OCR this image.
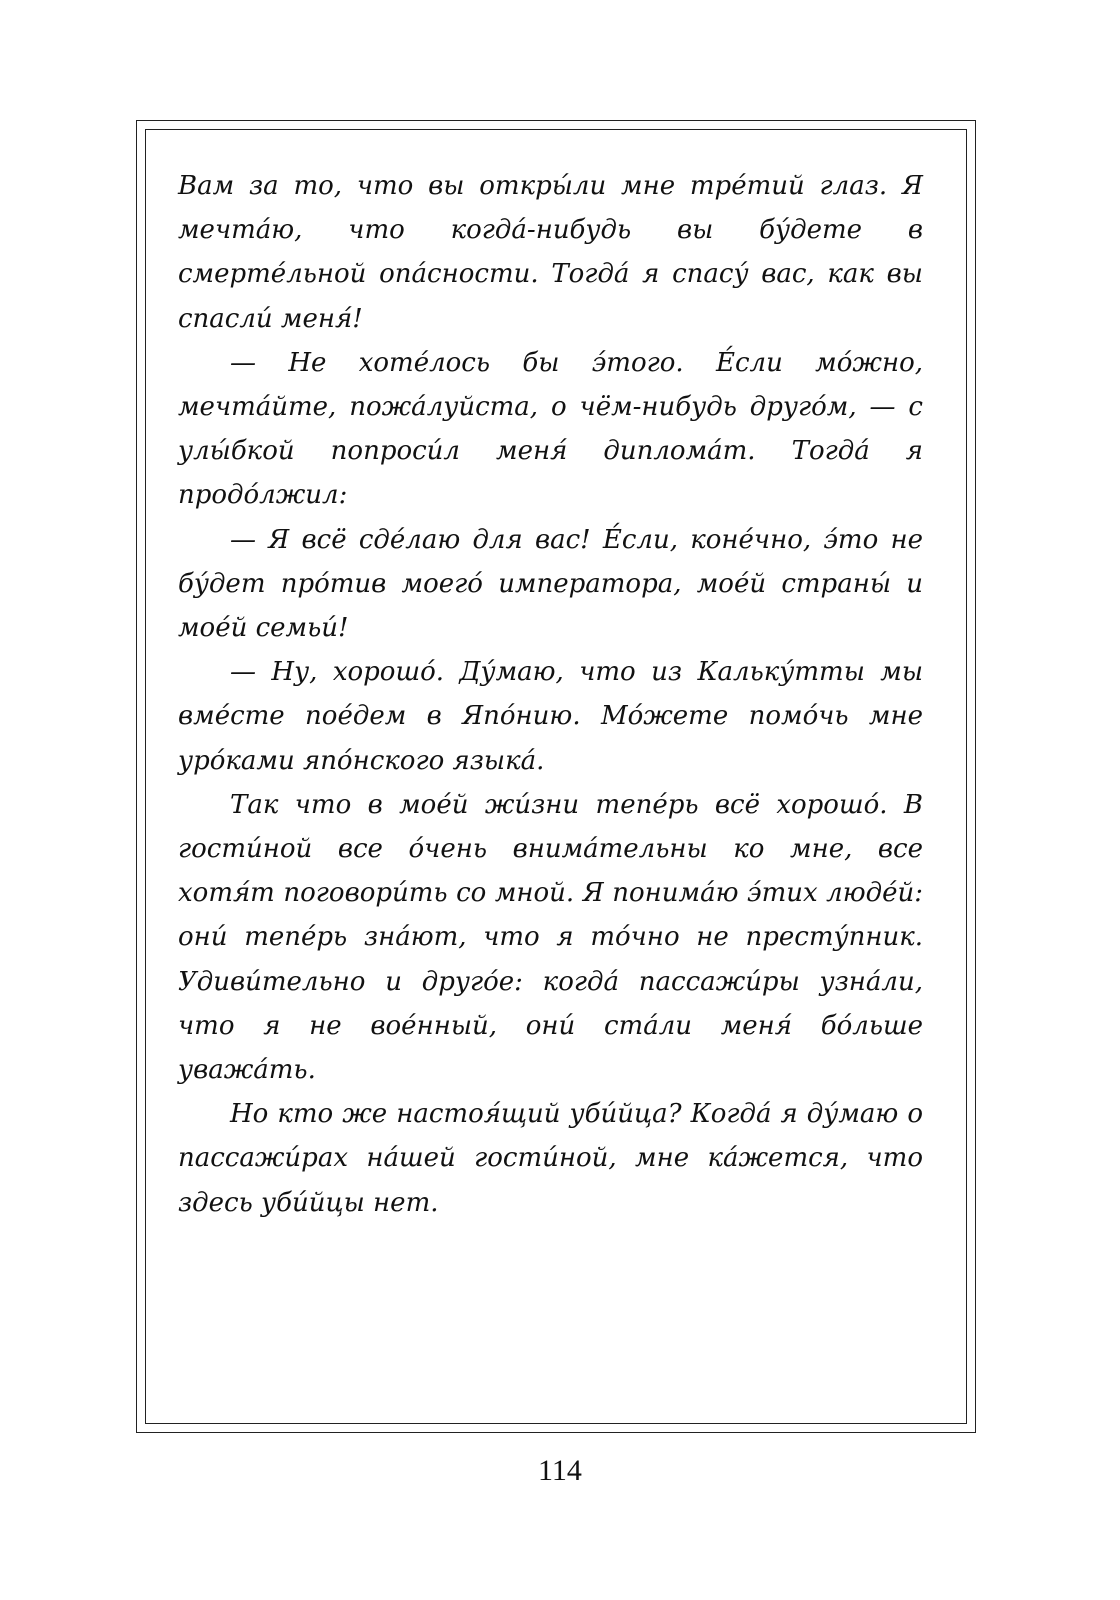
Вам за то, что вы откры́ли мне тре́тий глаз. Я мечта́ю, что когда́-нибудь вы бу́дете в смерте́льной опа́сности. Тогда́ я спасу́ вас, как вы спасли́ меня́!

— Не хоте́лось бы э́того. Е́сли мо́жно, мечта́йте, пожа́луйста, о чём-нибудь друго́м, — с улы́бкой попроси́л меня́ диплома́т. Тогда́ я продо́лжил:

— Я всё сде́лаю для вас! Е́сли, коне́чно, э́то не бу́дет про́тив моего́ императора, мое́й страны́ и мое́й семьи́!

— Ну, хорошо́. Ду́маю, что из Кальку́тты мы вме́сте пое́дем в Япо́нию. Мо́жете помо́чь мне уро́ками япо́нского языка́.

Так что в мое́й жи́зни тепе́рь всё хорошо́. В гости́ной все о́чень внима́тельны ко мне, все хотя́т поговори́ть со мной. Я понима́ю э́тих люде́й: они́ тепе́рь зна́ют, что я то́чно не престу́пник. Удиви́тельно и друго́е: когда́ пассажи́ры узна́ли, что я не вое́нный, они́ ста́ли меня́ бо́льше уважа́ть.

Но кто же настоя́щий уби́йца? Когда́ я ду́маю о пассажи́рах на́шей гости́ной, мне ка́жется, что здесь уби́йцы нет.

114
